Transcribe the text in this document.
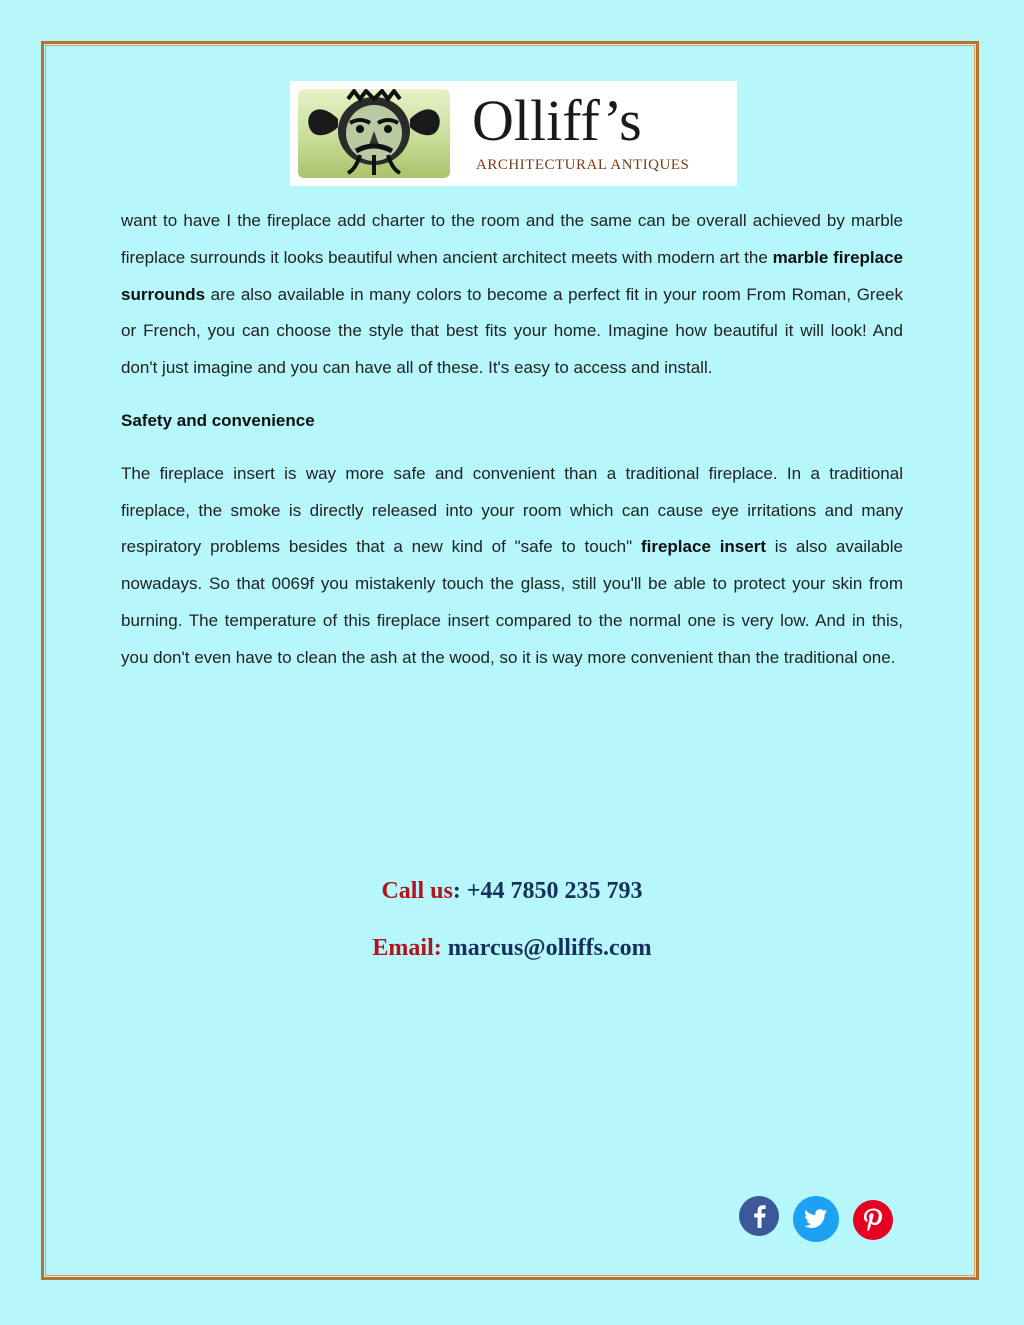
Olliff’s
ARCHITECTURAL ANTIQUES

want to have I the fireplace add charter to the room and the same can be overall achieved by marble fireplace surrounds it looks beautiful when ancient architect meets with modern art the marble fireplace surrounds are also available in many colors to become a perfect fit in your room From Roman, Greek or French, you can choose the style that best fits your home. Imagine how beautiful it will look! And don't just imagine and you can have all of these. It's easy to access and install.

Safety and convenience

The fireplace insert is way more safe and convenient than a traditional fireplace. In a traditional fireplace, the smoke is directly released into your room which can cause eye irritations and many respiratory problems besides that a new kind of "safe to touch" fireplace insert is also available nowadays. So that 0069f you mistakenly touch the glass, still you'll be able to protect your skin from burning. The temperature of this fireplace insert compared to the normal one is very low. And in this, you don't even have to clean the ash at the wood, so it is way more convenient than the traditional one.

Call us: +44 7850 235 793
Email: marcus@olliffs.com
